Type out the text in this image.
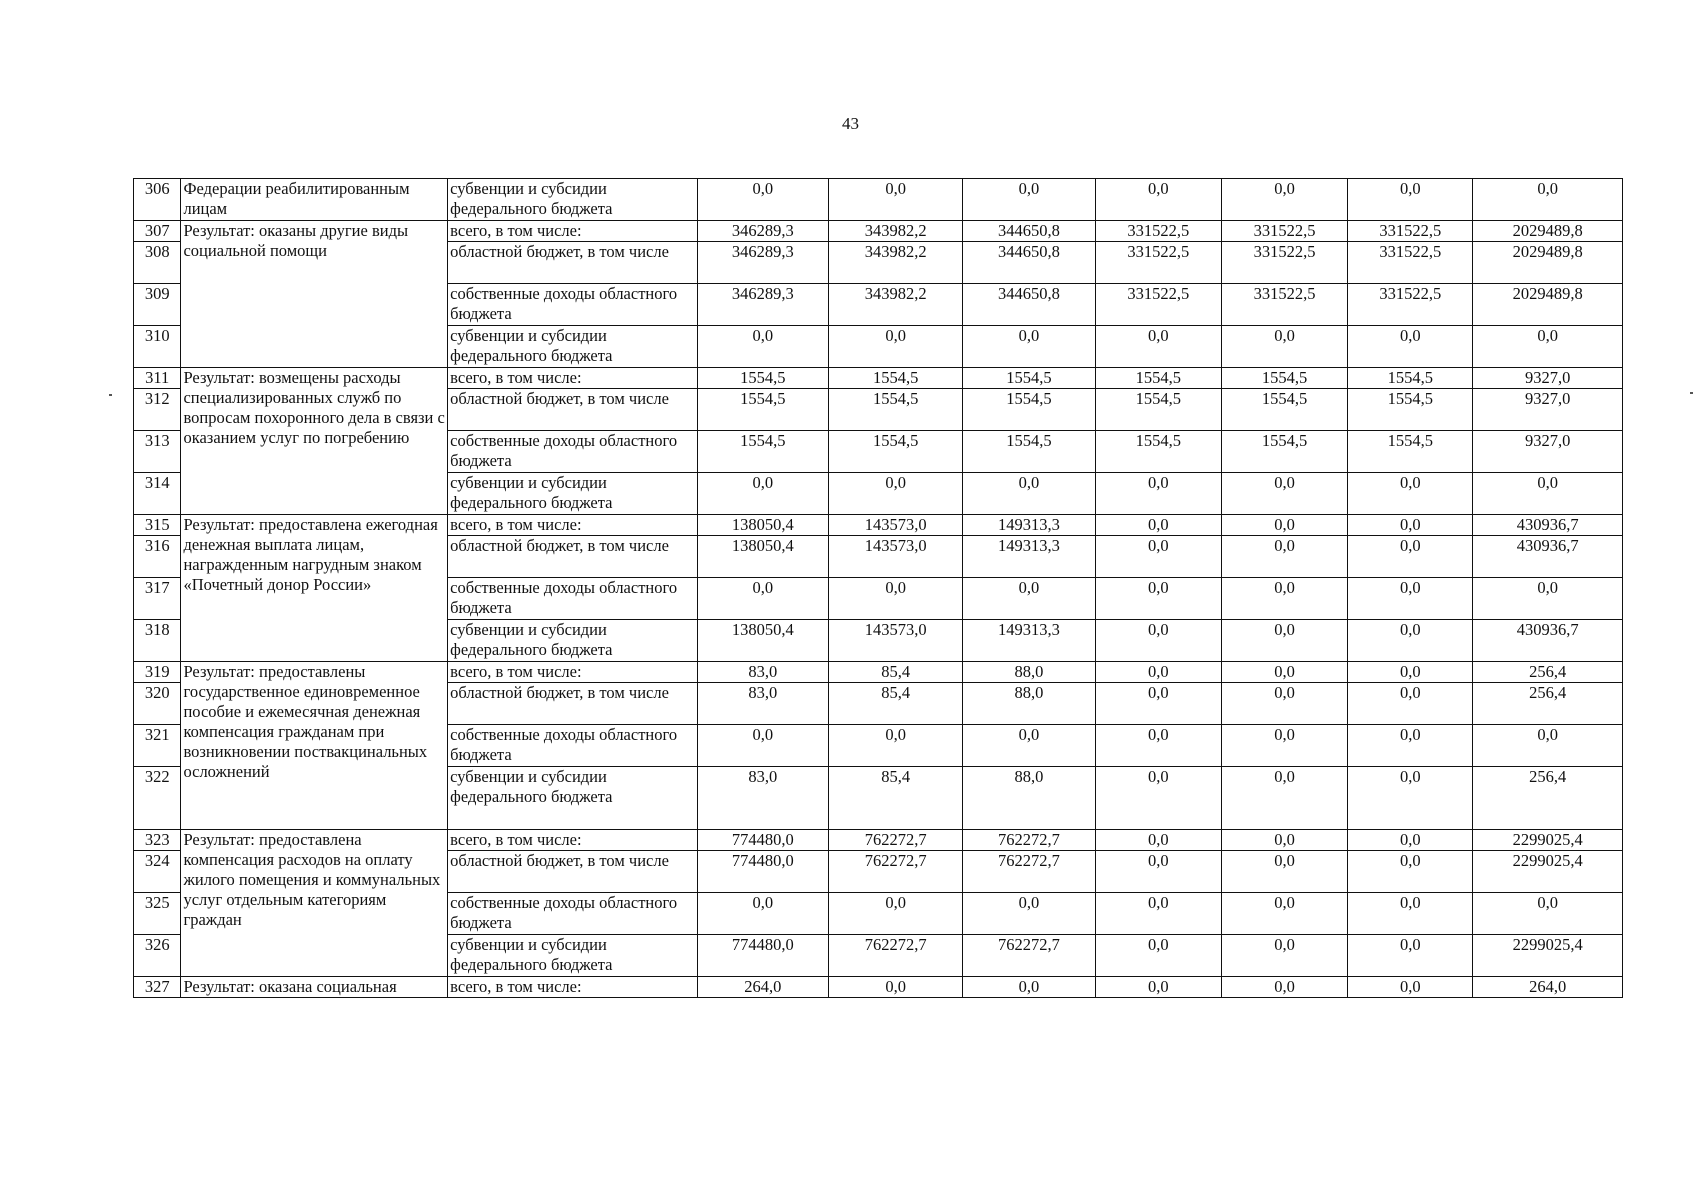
43
306	Федерации реабилитированным лицам	субвенции и субсидии федерального бюджета	0,0	0,0	0,0	0,0	0,0	0,0	0,0
307	Результат: оказаны другие виды социальной помощи	всего, в том числе:	346289,3	343982,2	344650,8	331522,5	331522,5	331522,5	2029489,8
308		областной бюджет, в том числе	346289,3	343982,2	344650,8	331522,5	331522,5	331522,5	2029489,8
309		собственные доходы областного бюджета	346289,3	343982,2	344650,8	331522,5	331522,5	331522,5	2029489,8
310		субвенции и субсидии федерального бюджета	0,0	0,0	0,0	0,0	0,0	0,0	0,0
311	Результат: возмещены расходы специализированных служб по вопросам похоронного дела в связи с оказанием услуг по погребению	всего, в том числе:	1554,5	1554,5	1554,5	1554,5	1554,5	1554,5	9327,0
312		областной бюджет, в том числе	1554,5	1554,5	1554,5	1554,5	1554,5	1554,5	9327,0
313		собственные доходы областного бюджета	1554,5	1554,5	1554,5	1554,5	1554,5	1554,5	9327,0
314		субвенции и субсидии федерального бюджета	0,0	0,0	0,0	0,0	0,0	0,0	0,0
315	Результат: предоставлена ежегодная денежная выплата лицам, награжденным нагрудным знаком «Почетный донор России»	всего, в том числе:	138050,4	143573,0	149313,3	0,0	0,0	0,0	430936,7
316		областной бюджет, в том числе	138050,4	143573,0	149313,3	0,0	0,0	0,0	430936,7
317		собственные доходы областного бюджета	0,0	0,0	0,0	0,0	0,0	0,0	0,0
318		субвенции и субсидии федерального бюджета	138050,4	143573,0	149313,3	0,0	0,0	0,0	430936,7
319	Результат: предоставлены государственное единовременное пособие и ежемесячная денежная компенсация гражданам при возникновении поствакцинальных осложнений	всего, в том числе:	83,0	85,4	88,0	0,0	0,0	0,0	256,4
320		областной бюджет, в том числе	83,0	85,4	88,0	0,0	0,0	0,0	256,4
321		собственные доходы областного бюджета	0,0	0,0	0,0	0,0	0,0	0,0	0,0
322		субвенции и субсидии федерального бюджета	83,0	85,4	88,0	0,0	0,0	0,0	256,4
323	Результат: предоставлена компенсация расходов на оплату жилого помещения и коммунальных услуг отдельным категориям граждан	всего, в том числе:	774480,0	762272,7	762272,7	0,0	0,0	0,0	2299025,4
324		областной бюджет, в том числе	774480,0	762272,7	762272,7	0,0	0,0	0,0	2299025,4
325		собственные доходы областного бюджета	0,0	0,0	0,0	0,0	0,0	0,0	0,0
326		субвенции и субсидии федерального бюджета	774480,0	762272,7	762272,7	0,0	0,0	0,0	2299025,4
327	Результат: оказана социальная	всего, в том числе:	264,0	0,0	0,0	0,0	0,0	0,0	264,0
